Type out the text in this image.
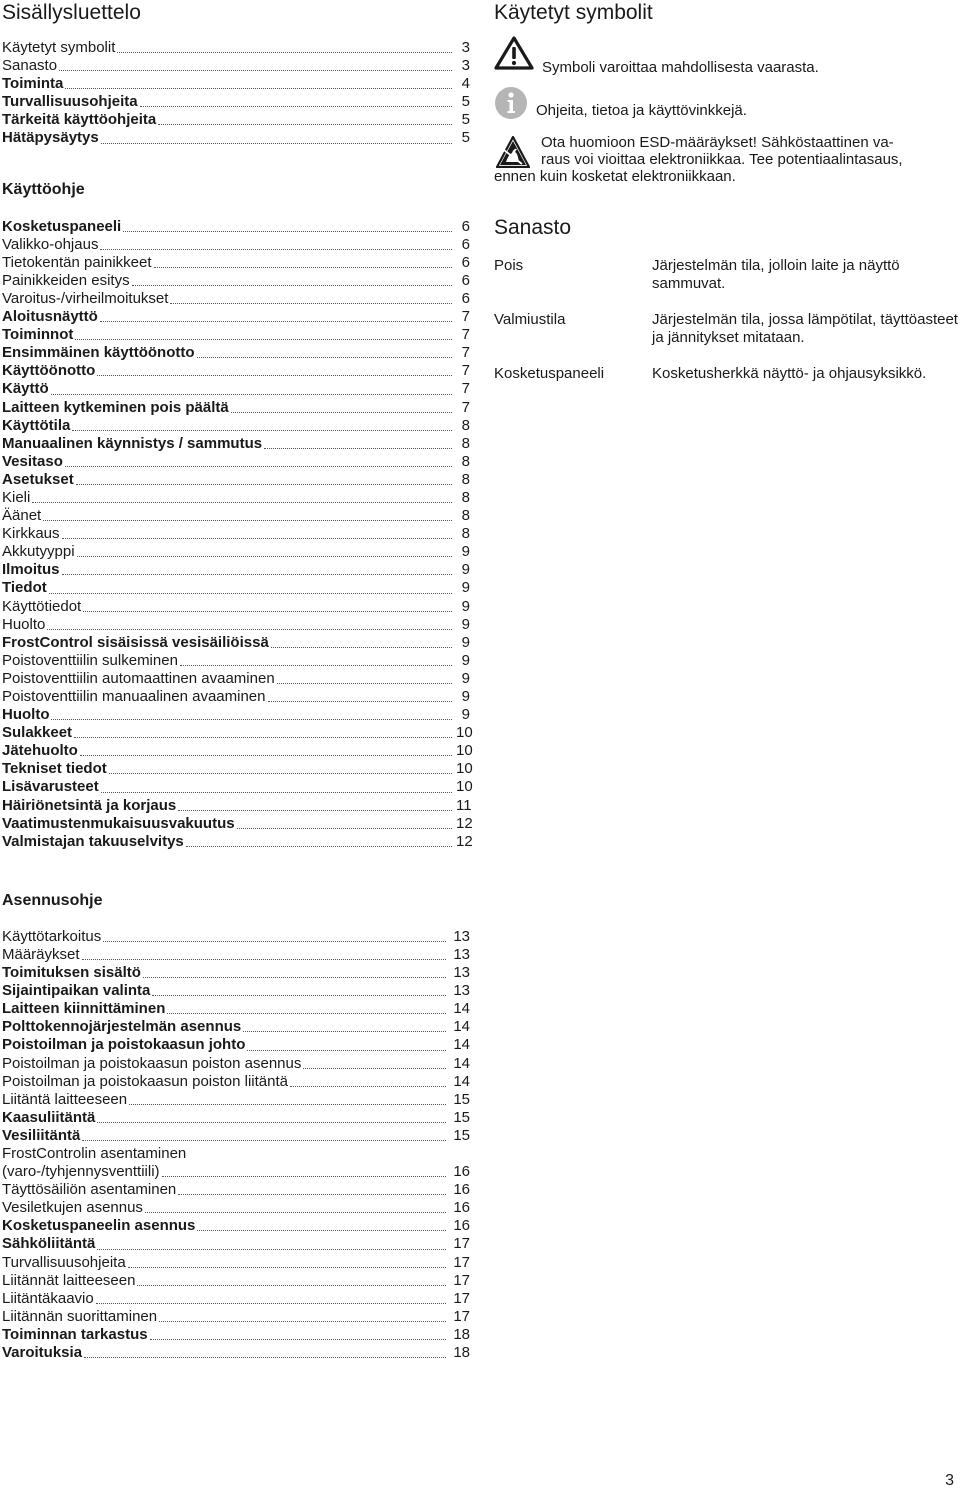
Sisällysluettelo
Käytetyt symbolit	3
Sanasto	3
Toiminta	4
Turvallisuusohjeita	5
Tärkeitä käyttöohjeita	5
Hätäpysäytys	5
Käyttöohje
Kosketuspaneeli	6
Valikko-ohjaus	6
Tietokentän painikkeet	6
Painikkeiden esitys	6
Varoitus-/virheilmoitukset	6
Aloitusnäyttö	7
Toiminnot	7
Ensimmäinen käyttöönotto	7
Käyttöönotto	7
Käyttö	7
Laitteen kytkeminen pois päältä	7
Käyttötila	8
Manuaalinen käynnistys / sammutus	8
Vesitaso	8
Asetukset	8
Kieli	8
Äänet	8
Kirkkaus	8
Akkutyyppi	9
Ilmoitus	9
Tiedot	9
Käyttötiedot	9
Huolto	9
FrostControl sisäisissä vesisäiliöissä	9
Poistoventtiilin sulkeminen	9
Poistoventtiilin automaattinen avaaminen	9
Poistoventtiilin manuaalinen avaaminen	9
Huolto	9
Sulakkeet	10
Jätehuolto	10
Tekniset tiedot	10
Lisävarusteet	10
Häiriönetsintä ja korjaus	11
Vaatimustenmukaisuusvakuutus	12
Valmistajan takuuselvitys	12
Asennusohje
Käyttötarkoitus	13
Määräykset	13
Toimituksen sisältö	13
Sijaintipaikan valinta	13
Laitteen kiinnittäminen	14
Polttokennojärjestelmän asennus	14
Poistoilman ja poistokaasun johto	14
Poistoilman ja poistokaasun poiston asennus	14
Poistoilman ja poistokaasun poiston liitäntä	14
Liitäntä laitteeseen	15
Kaasuliitäntä	15
Vesiliitäntä	15
FrostControlin asentaminen
(varo-/tyhjennysventtiili)	16
Täyttösäiliön asentaminen	16
Vesiletkujen asennus	16
Kosketuspaneelin asennus	16
Sähköliitäntä	17
Turvallisuusohjeita	17
Liitännät laitteeseen	17
Liitäntäkaavio	17
Liitännän suorittaminen	17
Toiminnan tarkastus	18
Varoituksia	18
Käytetyt symbolit
Symboli varoittaa mahdollisesta vaarasta.
Ohjeita, tietoa ja käyttövinkkejä.
Ota huomioon ESD-määräykset! Sähköstaattinen va-
raus voi vioittaa elektroniikkaa. Tee potentiaalintasaus,
ennen kuin kosketat elektroniikkaan.
Sanasto
Pois	Järjestelmän tila, jolloin laite ja näyttö sammuvat.
Valmiustila	Järjestelmän tila, jossa lämpötilat, täyttöasteet ja jännitykset mitataan.
Kosketuspaneeli	Kosketusherkkä näyttö- ja ohjausyksikkö.
3
